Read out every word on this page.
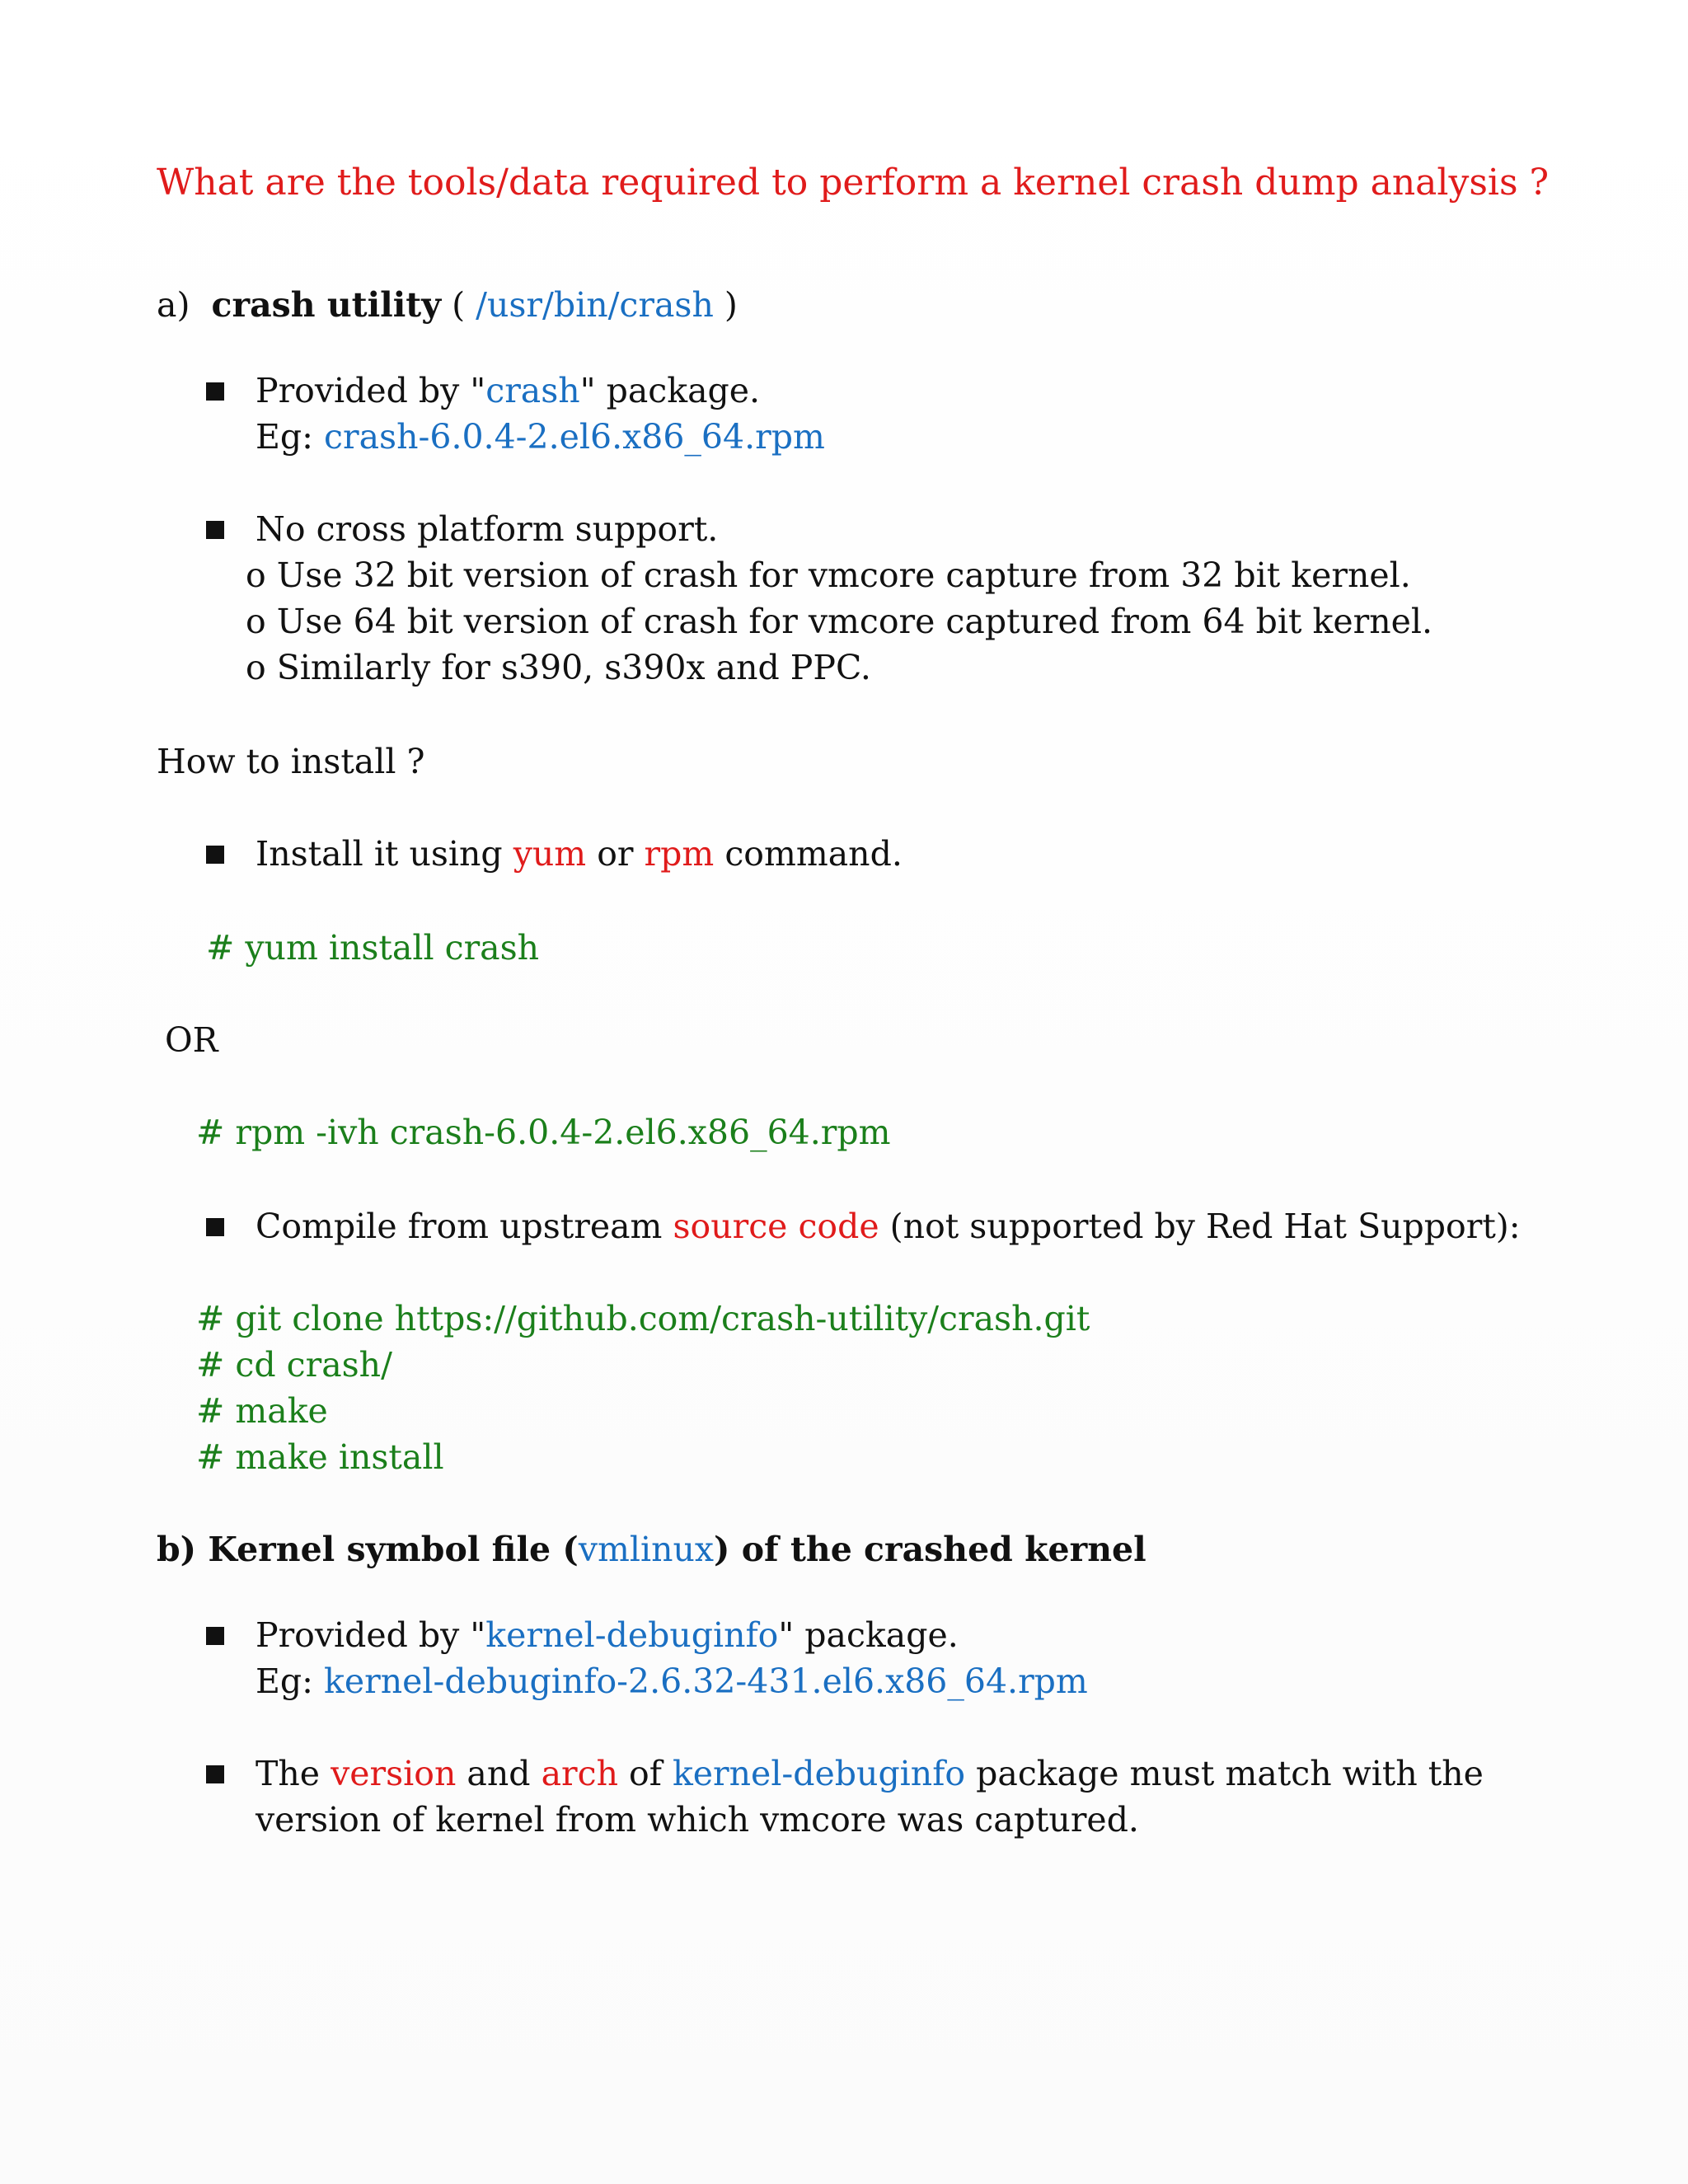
What are the tools/data required to perform a kernel crash dump analysis ?
a) crash utility ( /usr/bin/crash )
Provided by "crash" package.
Eg: crash-6.0.4-2.el6.x86_64.rpm
No cross platform support.
o Use 32 bit version of crash for vmcore capture from 32 bit kernel.
o Use 64 bit version of crash for vmcore captured from 64 bit kernel.
o Similarly for s390, s390x and PPC.
How to install ?
Install it using yum or rpm command.
# yum install crash
OR
# rpm -ivh crash-6.0.4-2.el6.x86_64.rpm
Compile from upstream source code (not supported by Red Hat Support):
# git clone https://github.com/crash-utility/crash.git
# cd crash/
# make
# make install
b) Kernel symbol file (vmlinux) of the crashed kernel
Provided by "kernel-debuginfo" package.
Eg: kernel-debuginfo-2.6.32-431.el6.x86_64.rpm
The version and arch of kernel-debuginfo package must match with the
version of kernel from which vmcore was captured.
